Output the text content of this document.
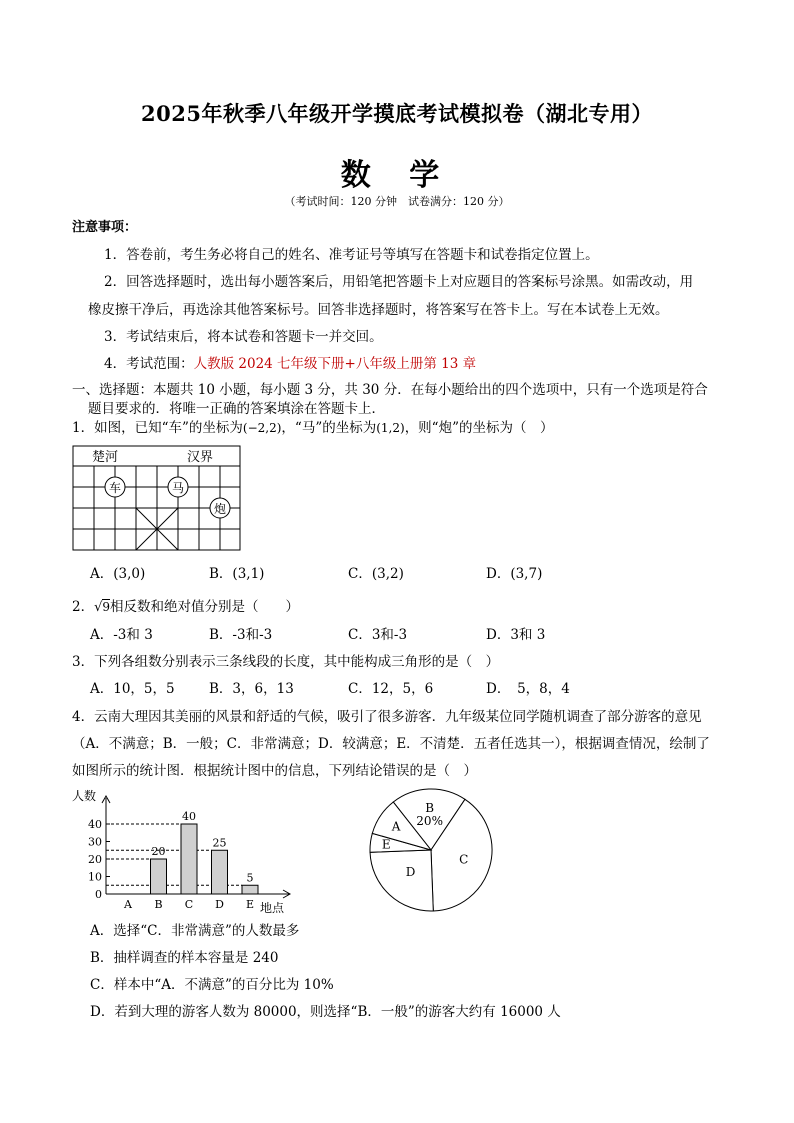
2025年秋季八年级开学摸底考试模拟卷（湖北专用）
数 学
（考试时间：120 分钟　试卷满分：120 分）
注意事项：
1．答卷前，考生务必将自己的姓名、准考证号等填写在答题卡和试卷指定位置上。
2．回答选择题时，选出每小题答案后，用铅笔把答题卡上对应题目的答案标号涂黑。如需改动，用
橡皮擦干净后，再选涂其他答案标号。回答非选择题时，将答案写在答卡上。写在本试卷上无效。
3．考试结束后，将本试卷和答题卡一并交回。
4．考试范围：人教版 2024 七年级下册+八年级上册第 13 章
一、选择题：本题共 10 小题，每小题 3 分，共 30 分．在每小题给出的四个选项中，只有一个选项是符合
题目要求的．将唯一正确的答案填涂在答题卡上．
1．如图，已知“车”的坐标为(−2,2)，“马”的坐标为(1,2)，则“炮”的坐标为（　）
楚河	汉界
车	马
炮
A．(3,0)	B．(3,1)	C．(3,2)	D．(3,7)
2．√9相反数和绝对值分别是（　　）
A．-3和 3	B．-3和-3	C．3和-3	D．3和 3
3．下列各组数分别表示三条线段的长度，其中能构成三角形的是（　）
A．10，5，5	B．3，6，13	C．12，5，6	D．　5，8，4
4．云南大理因其美丽的风景和舒适的气候，吸引了很多游客．九年级某位同学随机调查了部分游客的意见
（A．不满意；B．一般；C．非常满意；D．较满意；E．不清楚．五者任选其一），根据调查情况，绘制了
如图所示的统计图．根据统计图中的信息，下列结论错误的是（　）
人数
地点
40
30
20
10
0
A B C D E
20
40
25
5
B
20%
C
D
E
A
A．选择“C．非常满意”的人数最多
B．抽样调查的样本容量是 240
C．样本中“A．不满意”的百分比为 10%
D．若到大理的游客人数为 80000，则选择“B．一般”的游客大约有 16000 人
